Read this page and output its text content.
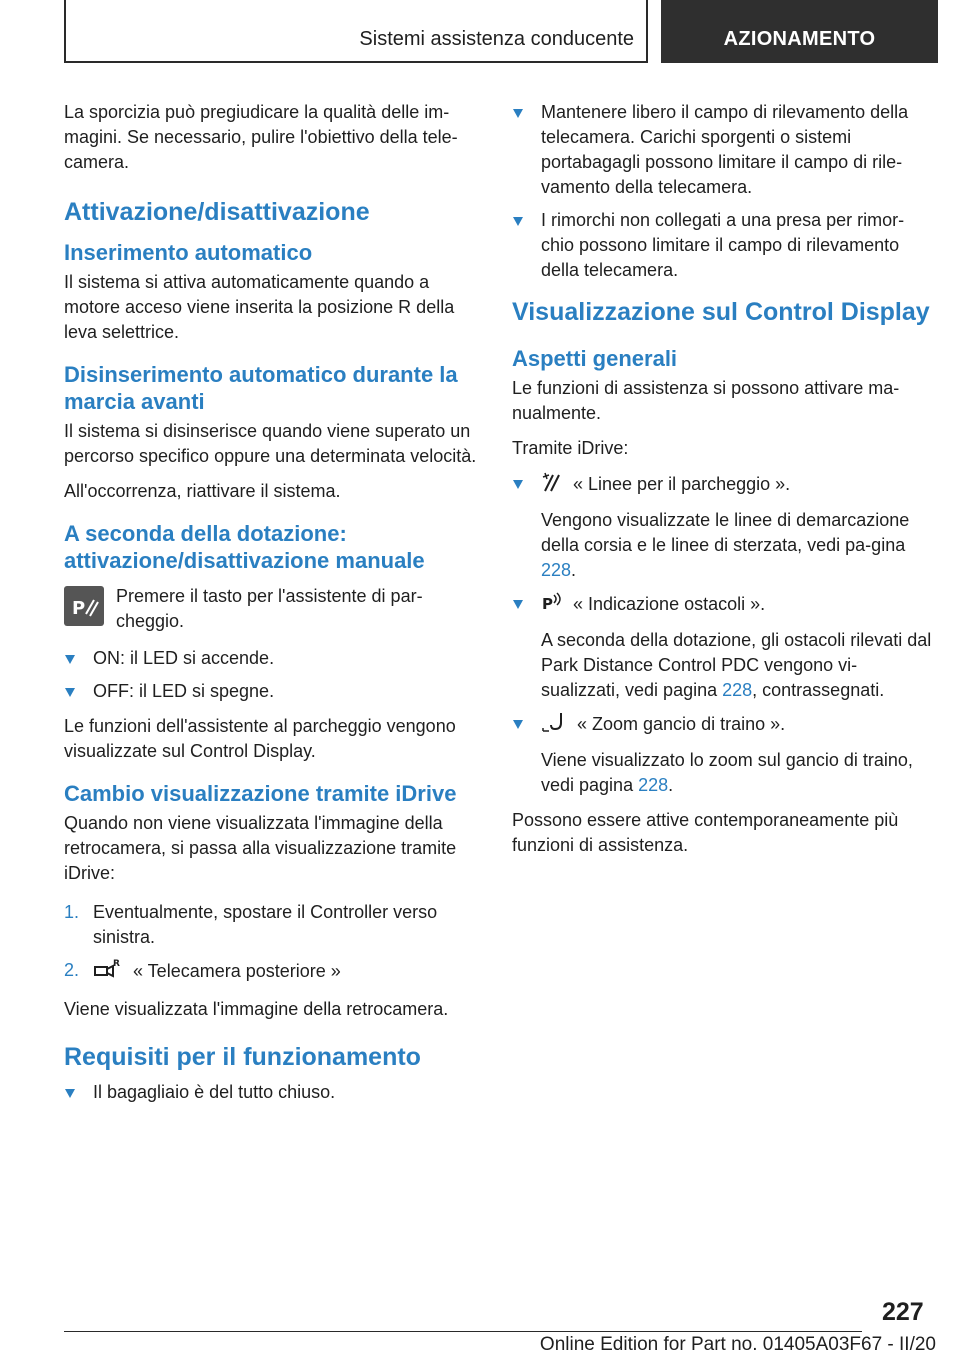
Sistemi assistenza conducente	AZIONAMENTO

La sporcizia può pregiudicare la qualità delle im-magini. Se necessario, pulire l'obiettivo della tele-camera.

Attivazione/disattivazione
Inserimento automatico

Il sistema si attiva automaticamente quando a motore acceso viene inserita la posizione R della leva selettrice.

Disinserimento automatico durante la marcia avanti

Il sistema si disinserisce quando viene superato un percorso specifico oppure una determinata velocità.

All'occorrenza, riattivare il sistema.

A seconda della dotazione: attivazione/disattivazione manuale
P

Premere il tasto per l'assistente di par-cheggio.

ON: il LED si accende.
OFF: il LED si spegne.

Le funzioni dell'assistente al parcheggio vengono visualizzate sul Control Display.

Cambio visualizzazione tramite iDrive

Quando non viene visualizzata l'immagine della retrocamera, si passa alla visualizzazione tramite iDrive:

1. Eventualmente, spostare il Controller verso sinistra.
2.	R « Telecamera posteriore »

Viene visualizzata l'immagine della retrocamera.

Requisiti per il funzionamento
Il bagagliaio è del tutto chiuso.
Mantenere libero il campo di rilevamento della telecamera. Carichi sporgenti o sistemi portabagagli possono limitare il campo di rile-vamento della telecamera.
I rimorchi non collegati a una presa per rimor-chio possono limitare il campo di rilevamento della telecamera.
Visualizzazione sul Control Display
Aspetti generali

Le funzioni di assistenza si possono attivare ma-nualmente.

Tramite iDrive:

« Linee per il parcheggio ».
Vengono visualizzate le linee di demarcazione della corsia e le linee di sterzata, vedi pa-gina 228.
P « Indicazione ostacoli ».
A seconda della dotazione, gli ostacoli rilevati dal Park Distance Control PDC vengono vi-sualizzati, vedi pagina 228, contrassegnati.
« Zoom gancio di traino ».
Viene visualizzato lo zoom sul gancio di traino, vedi pagina 228.

Possono essere attive contemporaneamente più funzioni di assistenza.

227
Online Edition for Part no. 01405A03F67 - II/20
